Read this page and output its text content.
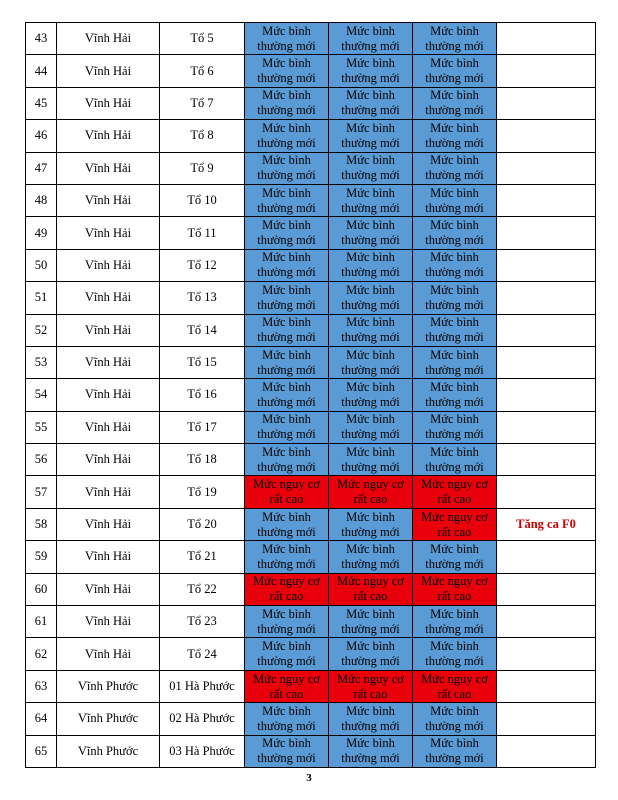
43	Vĩnh Hải	Tổ 5	Mức bình thường mới	Mức bình thường mới	Mức bình thường mới	
44	Vĩnh Hải	Tổ 6	Mức bình thường mới	Mức bình thường mới	Mức bình thường mới	
45	Vĩnh Hải	Tổ 7	Mức bình thường mới	Mức bình thường mới	Mức bình thường mới	
46	Vĩnh Hải	Tổ 8	Mức bình thường mới	Mức bình thường mới	Mức bình thường mới	
47	Vĩnh Hải	Tổ 9	Mức bình thường mới	Mức bình thường mới	Mức bình thường mới	
48	Vĩnh Hải	Tổ 10	Mức bình thường mới	Mức bình thường mới	Mức bình thường mới	
49	Vĩnh Hải	Tổ 11	Mức bình thường mới	Mức bình thường mới	Mức bình thường mới	
50	Vĩnh Hải	Tổ 12	Mức bình thường mới	Mức bình thường mới	Mức bình thường mới	
51	Vĩnh Hải	Tổ 13	Mức bình thường mới	Mức bình thường mới	Mức bình thường mới	
52	Vĩnh Hải	Tổ 14	Mức bình thường mới	Mức bình thường mới	Mức bình thường mới	
53	Vĩnh Hải	Tổ 15	Mức bình thường mới	Mức bình thường mới	Mức bình thường mới	
54	Vĩnh Hải	Tổ 16	Mức bình thường mới	Mức bình thường mới	Mức bình thường mới	
55	Vĩnh Hải	Tổ 17	Mức bình thường mới	Mức bình thường mới	Mức bình thường mới	
56	Vĩnh Hải	Tổ 18	Mức bình thường mới	Mức bình thường mới	Mức bình thường mới	
57	Vĩnh Hải	Tổ 19	Mức nguy cơ rất cao	Mức nguy cơ rất cao	Mức nguy cơ rất cao	
58	Vĩnh Hải	Tổ 20	Mức bình thường mới	Mức bình thường mới	Mức nguy cơ rất cao	Tăng ca F0
59	Vĩnh Hải	Tổ 21	Mức bình thường mới	Mức bình thường mới	Mức bình thường mới	
60	Vĩnh Hải	Tổ 22	Mức nguy cơ rất cao	Mức nguy cơ rất cao	Mức nguy cơ rất cao	
61	Vĩnh Hải	Tổ 23	Mức bình thường mới	Mức bình thường mới	Mức bình thường mới	
62	Vĩnh Hải	Tổ 24	Mức bình thường mới	Mức bình thường mới	Mức bình thường mới	
63	Vĩnh Phước	01 Hà Phước	Mức nguy cơ rất cao	Mức nguy cơ rất cao	Mức nguy cơ rất cao	
64	Vĩnh Phước	02 Hà Phước	Mức bình thường mới	Mức bình thường mới	Mức bình thường mới	
65	Vĩnh Phước	03 Hà Phước	Mức bình thường mới	Mức bình thường mới	Mức bình thường mới	
3
